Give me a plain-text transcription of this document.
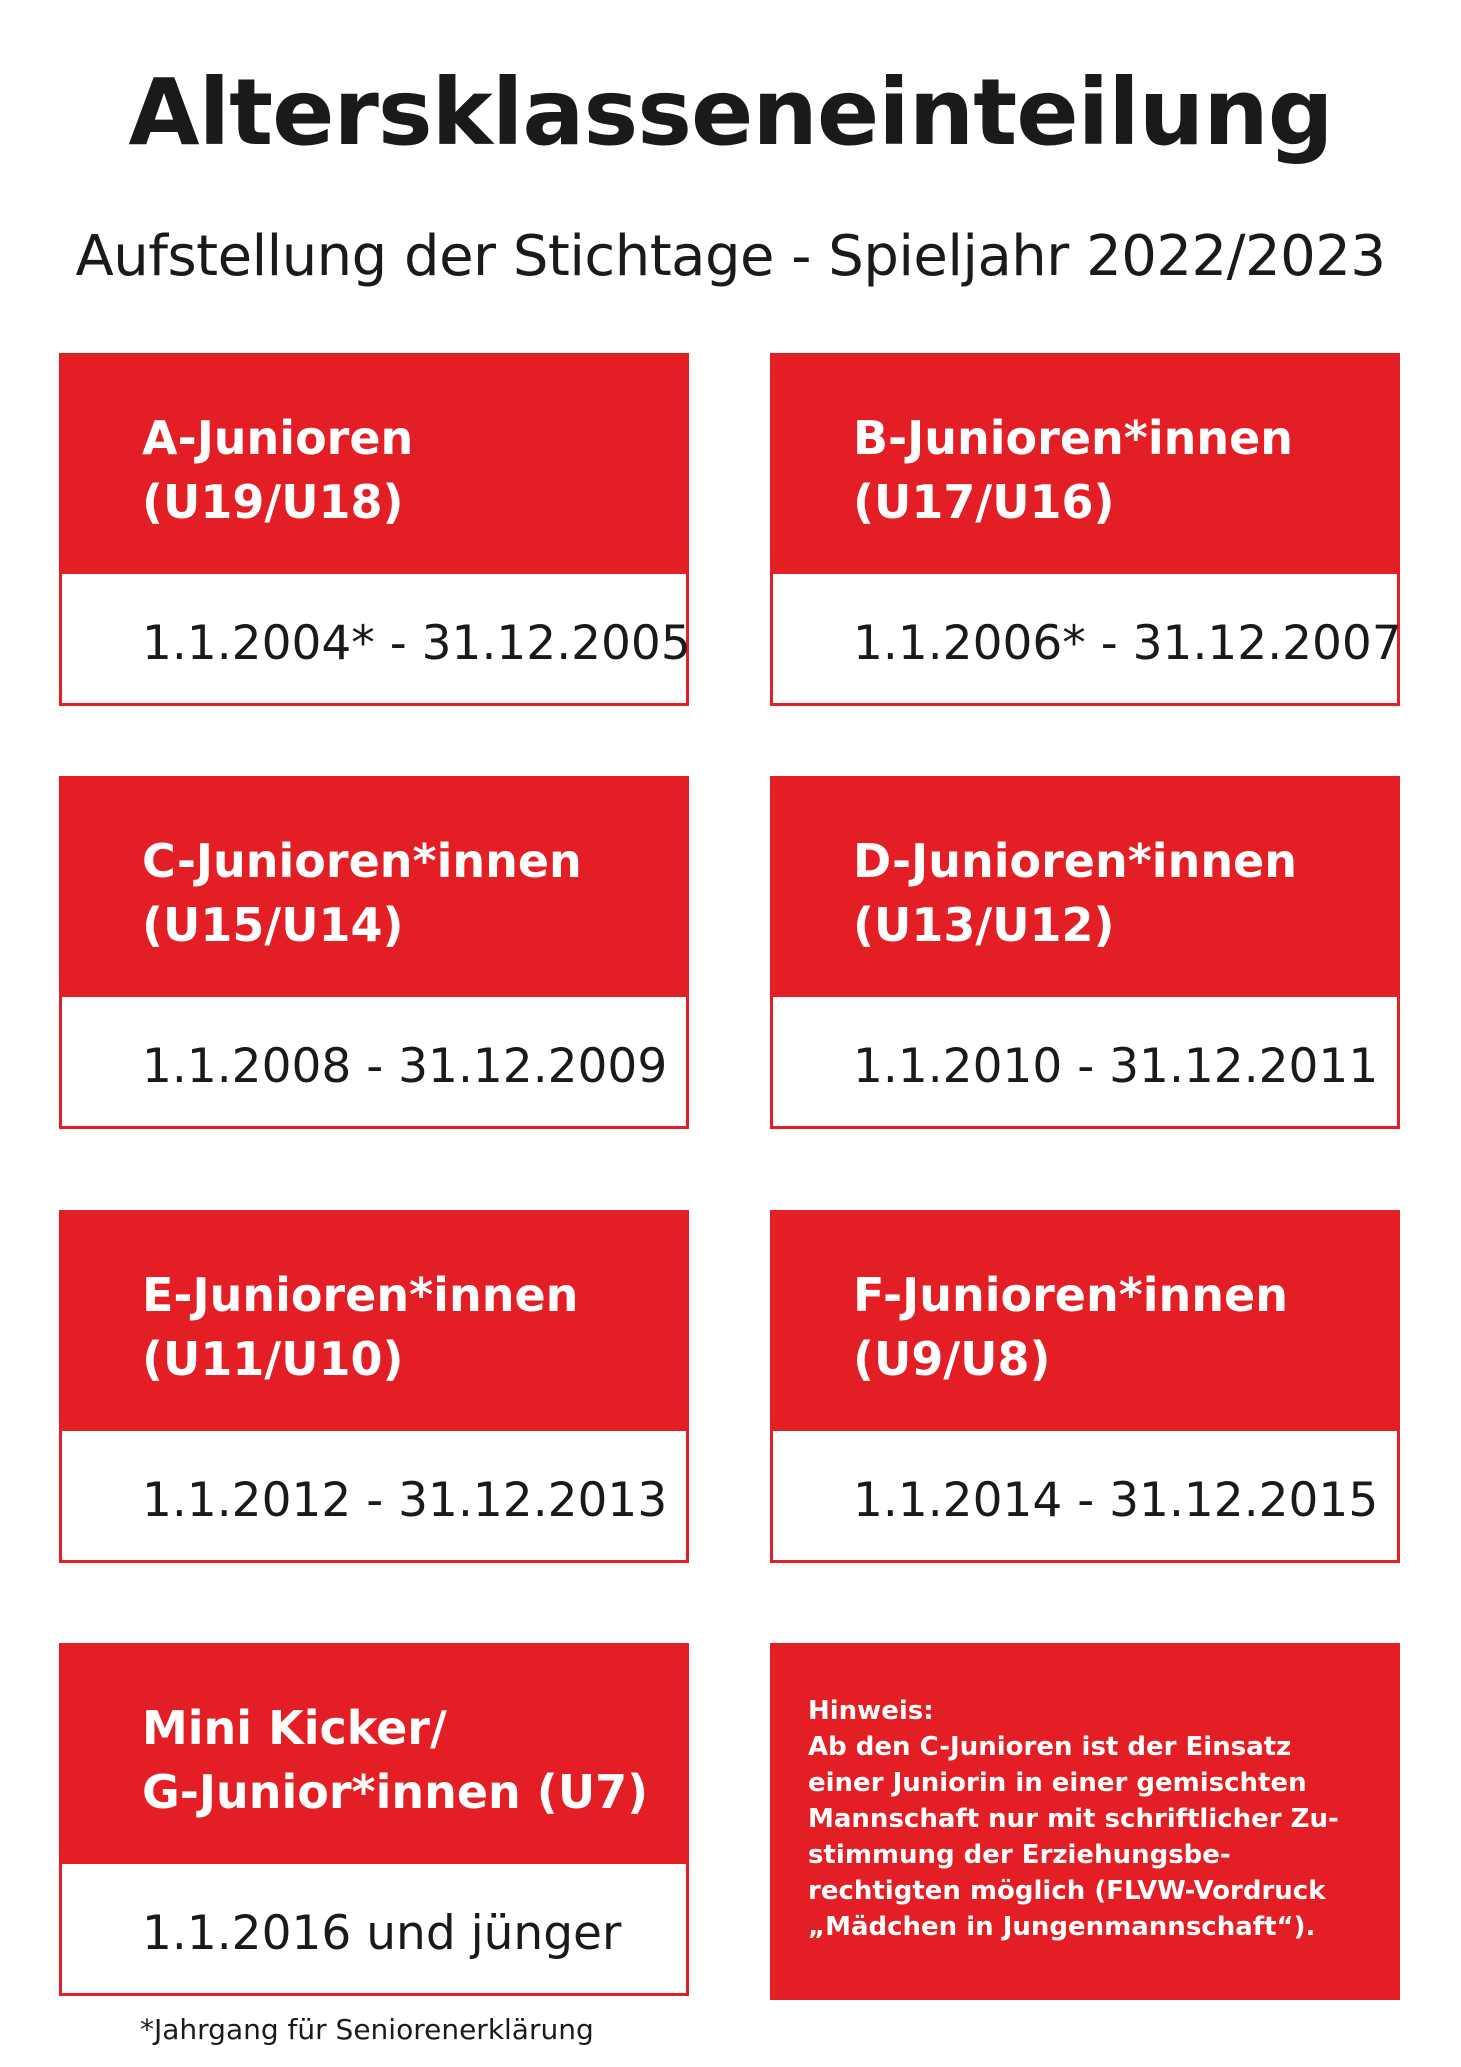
Altersklasseneinteilung
Aufstellung der Stichtage - Spieljahr 2022/2023
A-Junioren
(U19/U18)
1.1.2004* - 31.12.2005
B-Junioren*innen
(U17/U16)
1.1.2006* - 31.12.2007
C-Junioren*innen
(U15/U14)
1.1.2008 - 31.12.2009
D-Junioren*innen
(U13/U12)
1.1.2010 - 31.12.2011
E-Junioren*innen
(U11/U10)
1.1.2012 - 31.12.2013
F-Junioren*innen
(U9/U8)
1.1.2014 - 31.12.2015
Mini Kicker/
G-Junior*innen (U7)
1.1.2016 und jünger
Hinweis:
Ab den C-Junioren ist der Einsatz
einer Juniorin in einer gemischten
Mannschaft nur mit schriftlicher Zu-
stimmung der Erziehungsbe-
rechtigten möglich (FLVW-Vordruck
„Mädchen in Jungenmannschaft“).
*Jahrgang für Seniorenerklärung
